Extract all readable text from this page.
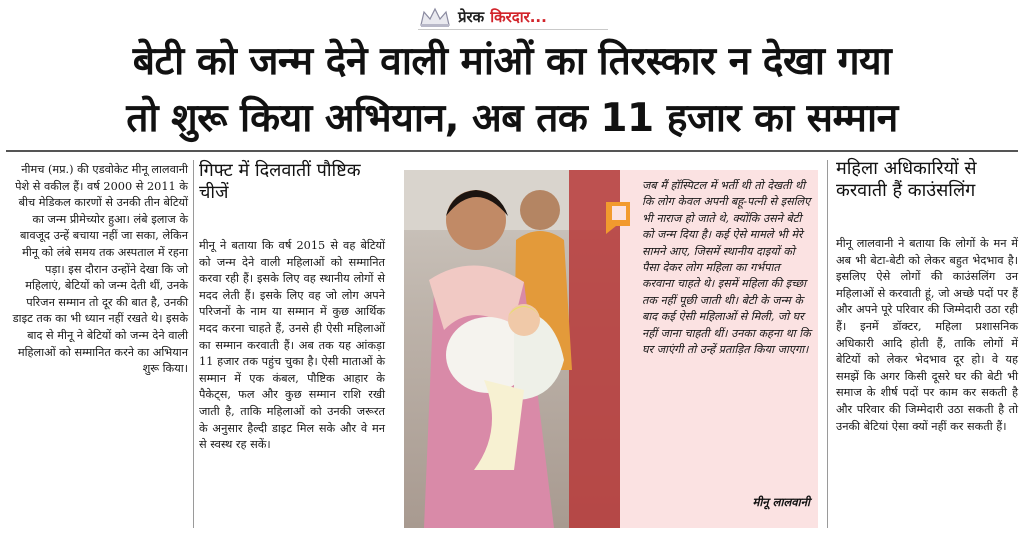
प्रेरक किरदार...
बेटी को जन्म देने वाली मांओं का तिरस्कार न देखा गया
तो शुरू किया अभियान, अब तक 11 हजार का सम्मान
नीमच (मप्र.) की एडवोकेट मीनू लालवानी पेशे से वकील हैं। वर्ष 2000 से 2011 के बीच मेडिकल कारणों से उनकी तीन बेटियों का जन्म प्रीमेच्योर हुआ। लंबे इलाज के बावजूद उन्हें बचाया नहीं जा सका, लेकिन मीनू को लंबे समय तक अस्पताल में रहना पड़ा। इस दौरान उन्होंने देखा कि जो महिलाएं, बेटियों को जन्म देती थीं, उनके परिजन सम्मान तो दूर की बात है, उनकी डाइट तक का भी ध्यान नहीं रखते थे। इसके बाद से मीनू ने बेटियों को जन्म देने वाली महिलाओं को सम्मानित करने का अभियान शुरू किया।
गिफ्ट में दिलवातीं पौष्टिक चीजें
मीनू ने बताया कि वर्ष 2015 से वह बेटियों को जन्म देने वाली महिलाओं को सम्मानित करवा रही हैं। इसके लिए वह स्थानीय लोगों से मदद लेती हैं। इसके लिए वह जो लोग अपने परिजनों के नाम या सम्मान में कुछ आर्थिक मदद करना चाहते हैं, उनसे ही ऐसी महिलाओं का सम्मान करवाती हैं। अब तक यह आंकड़ा 11 हजार तक पहुंच चुका है। ऐसी माताओं के सम्मान में एक कंबल, पौष्टिक आहार के पैकेट्स, फल और कुछ सम्मान राशि रखी जाती है, ताकि महिलाओं को उनकी जरूरत के अनुसार हैल्दी डाइट मिल सके और वे मन से स्वस्थ रह सकें।
जब मैं हॉस्पिटल में भर्ती थी तो देखती थी कि लोग केवल अपनी बहू-पत्नी से इसलिए भी नाराज हो जाते थे, क्योंकि उसने बेटी को जन्म दिया है। कई ऐसे मामले भी मेरे सामने आए, जिसमें स्थानीय दाइयों को पैसा देकर लोग महिला का गर्भपात करवाना चाहते थे। इसमें महिला की इच्छा तक नहीं पूछी जाती थी। बेटी के जन्म के बाद कई ऐसी महिलाओं से मिली, जो घर नहीं जाना चाहती थीं। उनका कहना था कि घर जाएंगी तो उन्हें प्रताड़ित किया जाएगा।
मीनू लालवानी
महिला अधिकारियों से करवाती हैं काउंसलिंग
मीनू लालवानी ने बताया कि लोगों के मन में अब भी बेटा-बेटी को लेकर बहुत भेदभाव है। इसलिए ऐसे लोगों की काउंसलिंग उन महिलाओं से करवाती हूं, जो अच्छे पदों पर हैं और अपने पूरे परिवार की जिम्मेदारी उठा रही हैं। इनमें डॉक्टर, महिला प्रशासनिक अधिकारी आदि होती हैं, ताकि लोगों में बेटियों को लेकर भेदभाव दूर हो। वे यह समझें कि अगर किसी दूसरे घर की बेटी भी समाज के शीर्ष पदों पर काम कर सकती है और परिवार की जिम्मेदारी उठा सकती है तो उनकी बेटियां ऐसा क्यों नहीं कर सकती हैं।
